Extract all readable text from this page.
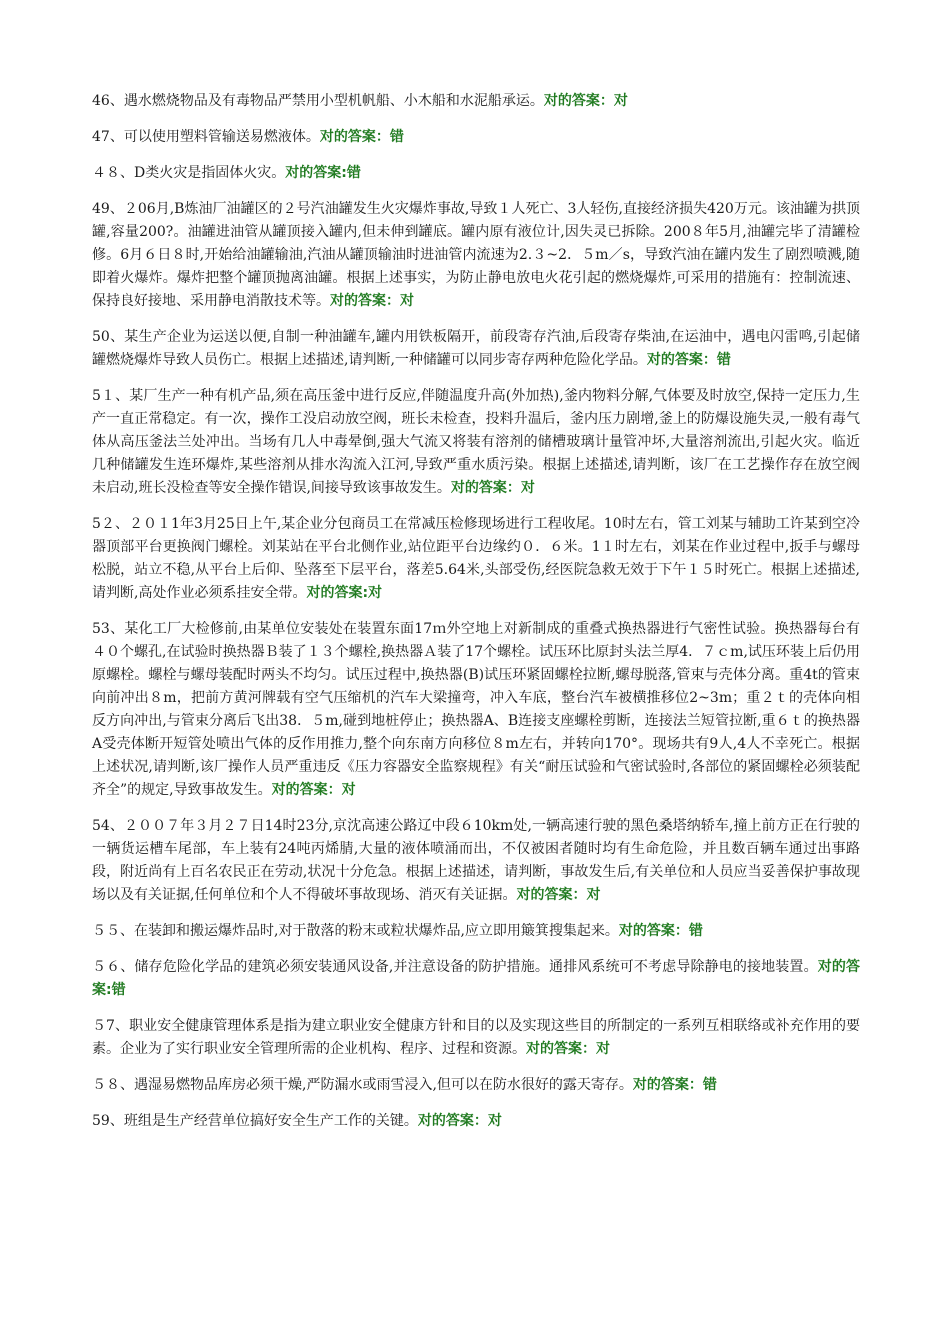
46、遇水燃烧物品及有毒物品严禁用小型机帆船、小木船和水泥船承运。对的答案：对

47、可以使用塑料管输送易燃液体。对的答案：错

４８、D类火灾是指固体火灾。对的答案:错

49、２06月,B炼油厂油罐区的２号汽油罐发生火灾爆炸事故,导致１人死亡、3人轻伤,直接经济损失420万元。该油罐为拱顶罐,容量200?。油罐进油管从罐顶接入罐内,但未伸到罐底。罐内原有液位计,因失灵已拆除。200８年5月,油罐完毕了清罐检修。6月６日８时,开始给油罐输油,汽油从罐顶输油时进油管内流速为2.３~2．５m／s，导致汽油在罐内发生了剧烈喷溅,随即着火爆炸。爆炸把整个罐顶抛离油罐。根据上述事实，为防止静电放电火花引起的燃烧爆炸,可采用的措施有：控制流速、保持良好接地、采用静电消散技术等。对的答案：对

50、某生产企业为运送以便,自制一种油罐车,罐内用铁板隔开，前段寄存汽油,后段寄存柴油,在运油中，遇电闪雷鸣,引起储罐燃烧爆炸导致人员伤亡。根据上述描述,请判断,一种储罐可以同步寄存两种危险化学品。对的答案：错

5１、某厂生产一种有机产品,须在高压釜中进行反应,伴随温度升高(外加热),釜内物料分解,气体要及时放空,保持一定压力,生产一直正常稳定。有一次，操作工没启动放空阀，班长未检查，投料升温后，釜内压力剧增,釜上的防爆设施失灵,一般有毒气体从高压釜法兰处冲出。当场有几人中毒晕倒,强大气流又将装有溶剂的储槽玻璃计量管冲坏,大量溶剂流出,引起火灾。临近几种储罐发生连环爆炸,某些溶剂从排水沟流入江河,导致严重水质污染。根据上述描述,请判断，该厂在工艺操作存在放空阀未启动,班长没检查等安全操作错误,间接导致该事故发生。对的答案：对

5２、２０１1年3月25日上午,某企业分包商员工在常减压检修现场进行工程收尾。10时左右，管工刘某与辅助工许某到空冷器顶部平台更换阀门螺栓。刘某站在平台北侧作业,站位距平台边缘约０．６米。1１时左右，刘某在作业过程中,扳手与螺母松脱，站立不稳,从平台上后仰、坠落至下层平台，落差5.64米,头部受伤,经医院急救无效于下午１５时死亡。根据上述描述,请判断,高处作业必须系挂安全带。对的答案:对

53、某化工厂大检修前,由某单位安装处在装置东面17ｍ外空地上对新制成的重叠式换热器进行气密性试验。换热器每台有４０个螺孔,在试验时换热器Ｂ装了１３个螺栓,换热器Ａ装了17个螺栓。试压环比原封头法兰厚4．７ｃm,试压环装上后仍用原螺栓。螺栓与螺母装配时两头不均匀。试压过程中,换热器(B)试压环紧固螺栓拉断,螺母脱落,管束与壳体分离。重4t的管束向前冲出８m，把前方黄河牌载有空气压缩机的汽车大梁撞弯，冲入车底，整台汽车被横推移位2~3m；重２ｔ的壳体向相反方向冲出,与管束分离后飞出38．５m,碰到地桩停止；换热器A、B连接支座螺栓剪断，连接法兰短管拉断,重６ｔ的换热器A受壳体断开短管处喷出气体的反作用推力,整个向东南方向移位８m左右，并转向170°。现场共有9人,4人不幸死亡。根据上述状况,请判断,该厂操作人员严重违反《压力容器安全监察规程》有关“耐压试验和气密试验时,各部位的紧固螺栓必须装配齐全”的规定,导致事故发生。对的答案：对

54、２００７年３月２７日14时23分,京沈高速公路辽中段６10km处,一辆高速行驶的黑色桑塔纳轿车,撞上前方正在行驶的一辆货运槽车尾部，车上装有24吨丙烯腈,大量的液体喷涌而出，不仅被困者随时均有生命危险，并且数百辆车通过出事路段，附近尚有上百名农民正在劳动,状况十分危急。根据上述描述，请判断，事故发生后,有关单位和人员应当妥善保护事故现场以及有关证据,任何单位和个人不得破坏事故现场、消灭有关证据。对的答案：对

５５、在装卸和搬运爆炸品时,对于散落的粉末或粒状爆炸品,应立即用簸箕搜集起来。对的答案：错

５６、储存危险化学品的建筑必须安装通风设备,并注意设备的防护措施。通排风系统可不考虑导除静电的接地装置。对的答案:错

５7、职业安全健康管理体系是指为建立职业安全健康方针和目的以及实现这些目的所制定的一系列互相联络或补充作用的要素。企业为了实行职业安全管理所需的企业机构、程序、过程和资源。对的答案：对

５８、遇湿易燃物品库房必须干燥,严防漏水或雨雪浸入,但可以在防水很好的露天寄存。对的答案：错

59、班组是生产经营单位搞好安全生产工作的关键。对的答案：对
